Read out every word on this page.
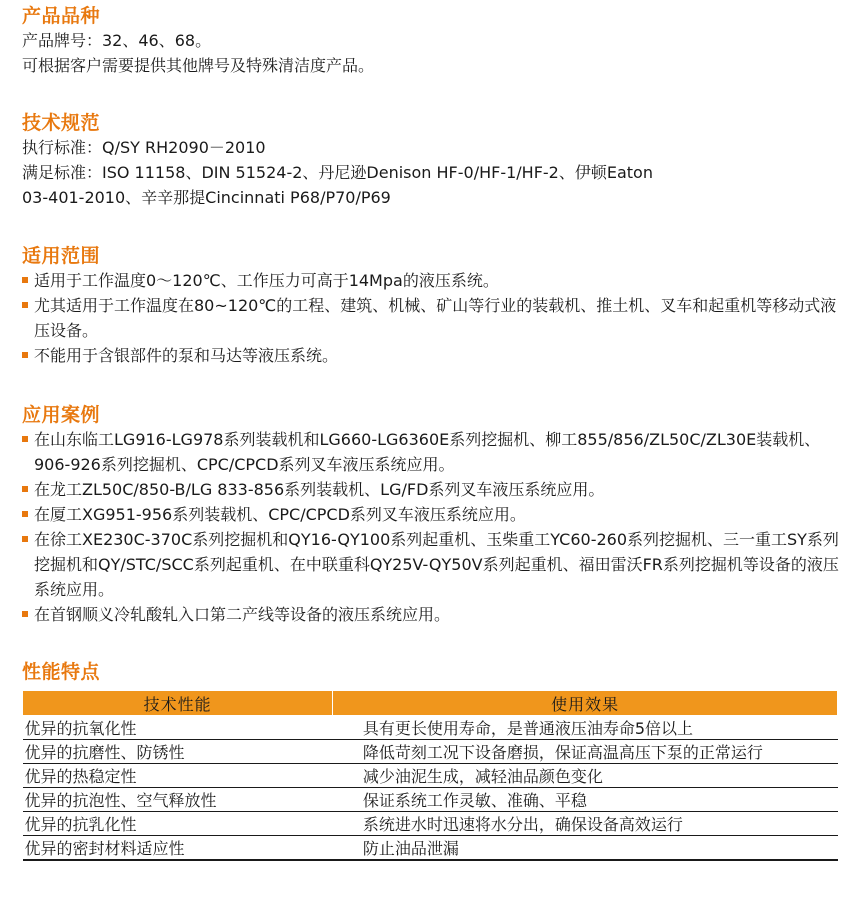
产品品种

产品牌号：32、46、68。

可根据客户需要提供其他牌号及特殊清洁度产品。

技术规范

执行标准：Q/SY RH2090－2010

满足标准：ISO 11158、DIN 51524-2、丹尼逊Denison HF-0/HF-1/HF-2、伊顿Eaton

03-401-2010、辛辛那提Cincinnati P68/P70/P69

适用范围
适用于工作温度0～120℃、工作压力可高于14Mpa的液压系统。
尤其适用于工作温度在80~120℃的工程、建筑、机械、矿山等行业的装载机、推土机、叉车和起重机等移动式液压设备。
不能用于含银部件的泵和马达等液压系统。
应用案例
在山东临工LG916-LG978系列装载机和LG660-LG6360E系列挖掘机、柳工855/856/ZL50C/ZL30E装载机、906-926系列挖掘机、CPC/CPCD系列叉车液压系统应用。
在龙工ZL50C/850-B/LG 833-856系列装载机、LG/FD系列叉车液压系统应用。
在厦工XG951-956系列装载机、CPC/CPCD系列叉车液压系统应用。
在徐工XE230C-370C系列挖掘机和QY16-QY100系列起重机、玉柴重工YC60-260系列挖掘机、三一重工SY系列挖掘机和QY/STC/SCC系列起重机、在中联重科QY25V-QY50V系列起重机、福田雷沃FR系列挖掘机等设备的液压系统应用。
在首钢顺义冷轧酸轧入口第二产线等设备的液压系统应用。
性能特点
技术性能	使用效果
优异的抗氧化性	具有更长使用寿命，是普通液压油寿命5倍以上
优异的抗磨性、防锈性	降低苛刻工况下设备磨损，保证高温高压下泵的正常运行
优异的热稳定性	减少油泥生成，减轻油品颜色变化
优异的抗泡性、空气释放性	保证系统工作灵敏、准确、平稳
优异的抗乳化性	系统进水时迅速将水分出，确保设备高效运行
优异的密封材料适应性	防止油品泄漏
